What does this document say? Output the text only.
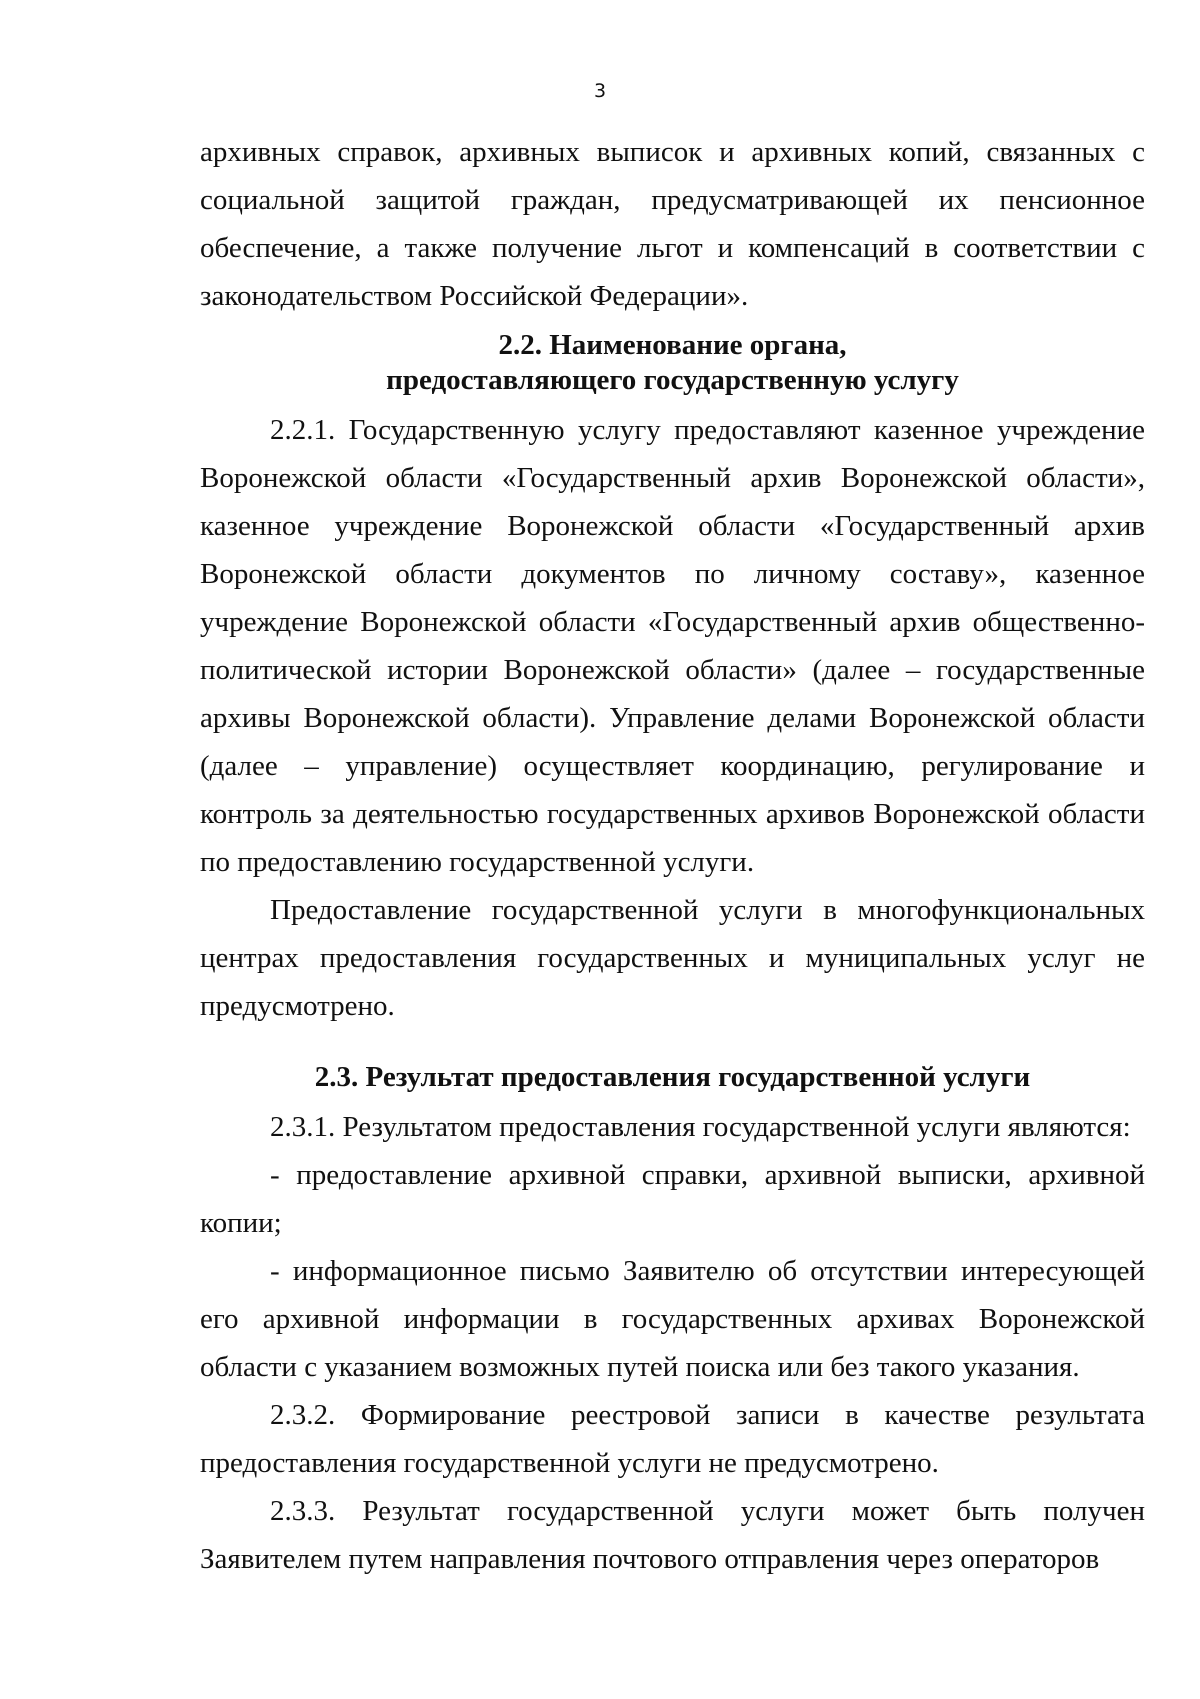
3

архивных справок, архивных выписок и архивных копий, связанных с социальной защитой граждан, предусматривающей их пенсионное обеспечение, а также получение льгот и компенсаций в соответствии с законодательством Российской Федерации».

2.2. Наименование органа,
предоставляющего государственную услугу

2.2.1. Государственную услугу предоставляют казенное учреждение Воронежской области «Государственный архив Воронежской области», казенное учреждение Воронежской области «Государственный архив Воронежской области документов по личному составу», казенное учреждение Воронежской области «Государственный архив общественно-политической истории Воронежской области» (далее – государственные архивы Воронежской области). Управление делами Воронежской области (далее – управление) осуществляет координацию, регулирование и контроль за деятельностью государственных архивов Воронежской области по предоставлению государственной услуги.

Предоставление государственной услуги в многофункциональных центрах предоставления государственных и муниципальных услуг не предусмотрено.

2.3. Результат предоставления государственной услуги

2.3.1. Результатом предоставления государственной услуги являются:

- предоставление архивной справки, архивной выписки, архивной копии;

- информационное письмо Заявителю об отсутствии интересующей его архивной информации в государственных архивах Воронежской области с указанием возможных путей поиска или без такого указания.

2.3.2. Формирование реестровой записи в качестве результата предоставления государственной услуги не предусмотрено.

2.3.3. Результат государственной услуги может быть получен Заявителем путем направления почтового отправления через операторов
